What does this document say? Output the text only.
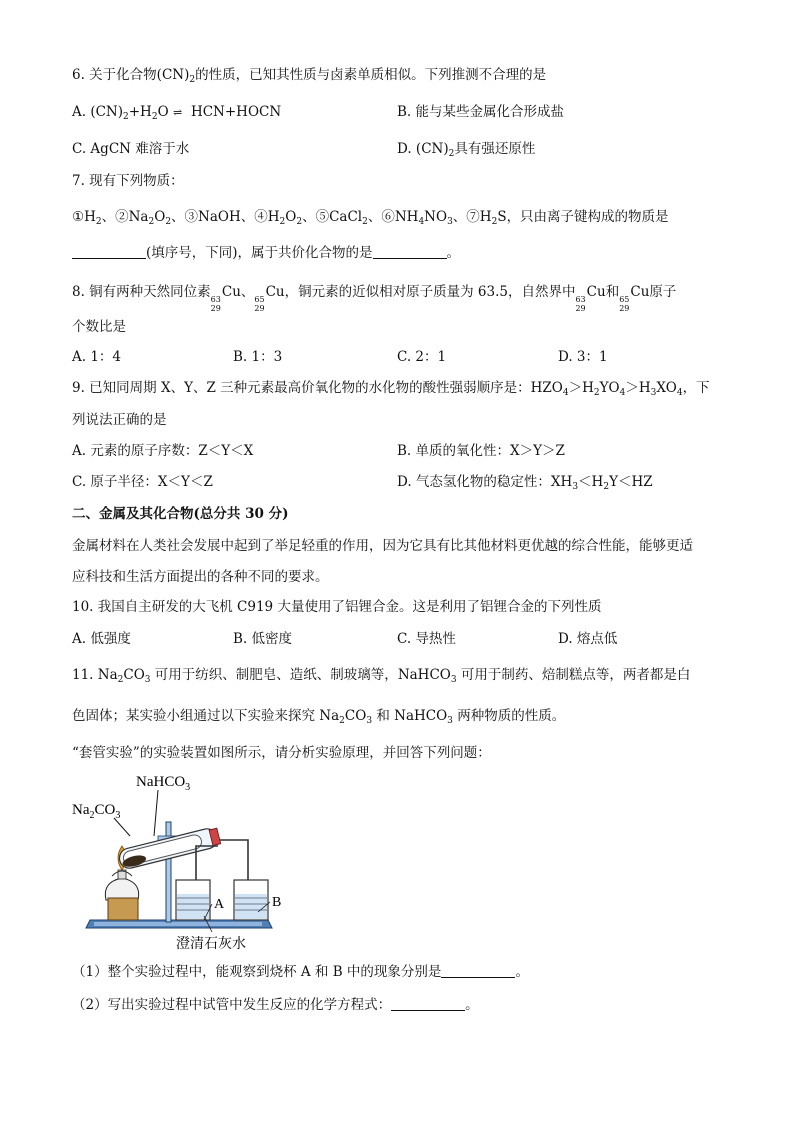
6. 关于化合物$(CN)_2$的性质，已知其性质与卤素单质相似。下列推测不合理的是
A. $(CN)_2+H_2O$ ⇌ HCN+HOCN	B. 能与某些金属化合形成盐
C. AgCN 难溶于水	D. $(CN)_2$具有强还原性
7. 现有下列物质：
$①H_2$、$②Na_2O_2$、③NaOH、$④H_2O_2$、⑤CaCl$_2$、$⑥NH_4NO_3$、$⑦H_2S$，只由离子键构成的物质是
(填序号，下同)，属于共价化合物的是	。
8. 铜有两种天然同位素 63
29
Cu、 65
29
Cu，铜元素的近似相对原子质量为 63.5，自然界中 63
29
Cu和 65
29
Cu原子
个数比是
A. 1：4	B. 1：3	C. 2：1	D. 3：1
9. 已知同周期 X、Y、Z 三种元素最高价氧化物的水化物的酸性强弱顺序是：$HZO_4>H_2YO_4>H_3XO_4$，下
列说法正确的是
A. 元素的原子序数：Z＜Y＜X	B. 单质的氧化性：X＞Y＞Z
C. 原子半径：X＜Y＜Z	D. 气态氢化物的稳定性：$XH_3<H_2Y<HZ$
二、金属及其化合物(总分共 30 分)
金属材料在人类社会发展中起到了举足轻重的作用，因为它具有比其他材料更优越的综合性能，能够更适
应科技和生活方面提出的各种不同的要求。
10. 我国自主研发的大飞机 C919 大量使用了铝锂合金。这是利用了铝锂合金的下列性质
A. 低强度	B. 低密度	C. 导热性	D. 熔点低
11. $Na_2CO_3$ 可用于纺织、制肥皂、造纸、制玻璃等，NaHCO$_3$ 可用于制药、焙制糕点等，两者都是白
色固体；某实验小组通过以下实验来探究 $Na_2CO_3$ 和 NaHCO$_3$ 两种物质的性质。
“套管实验”的实验装置如图所示，请分析实验原理，并回答下列问题：
NaHCO$_3$
$Na_2CO_3$
A	B
澄清石灰水
（1）整个实验过程中，能观察到烧杯 A 和 B 中的现象分别是	。
（2）写出实验过程中试管中发生反应的化学方程式：	。
